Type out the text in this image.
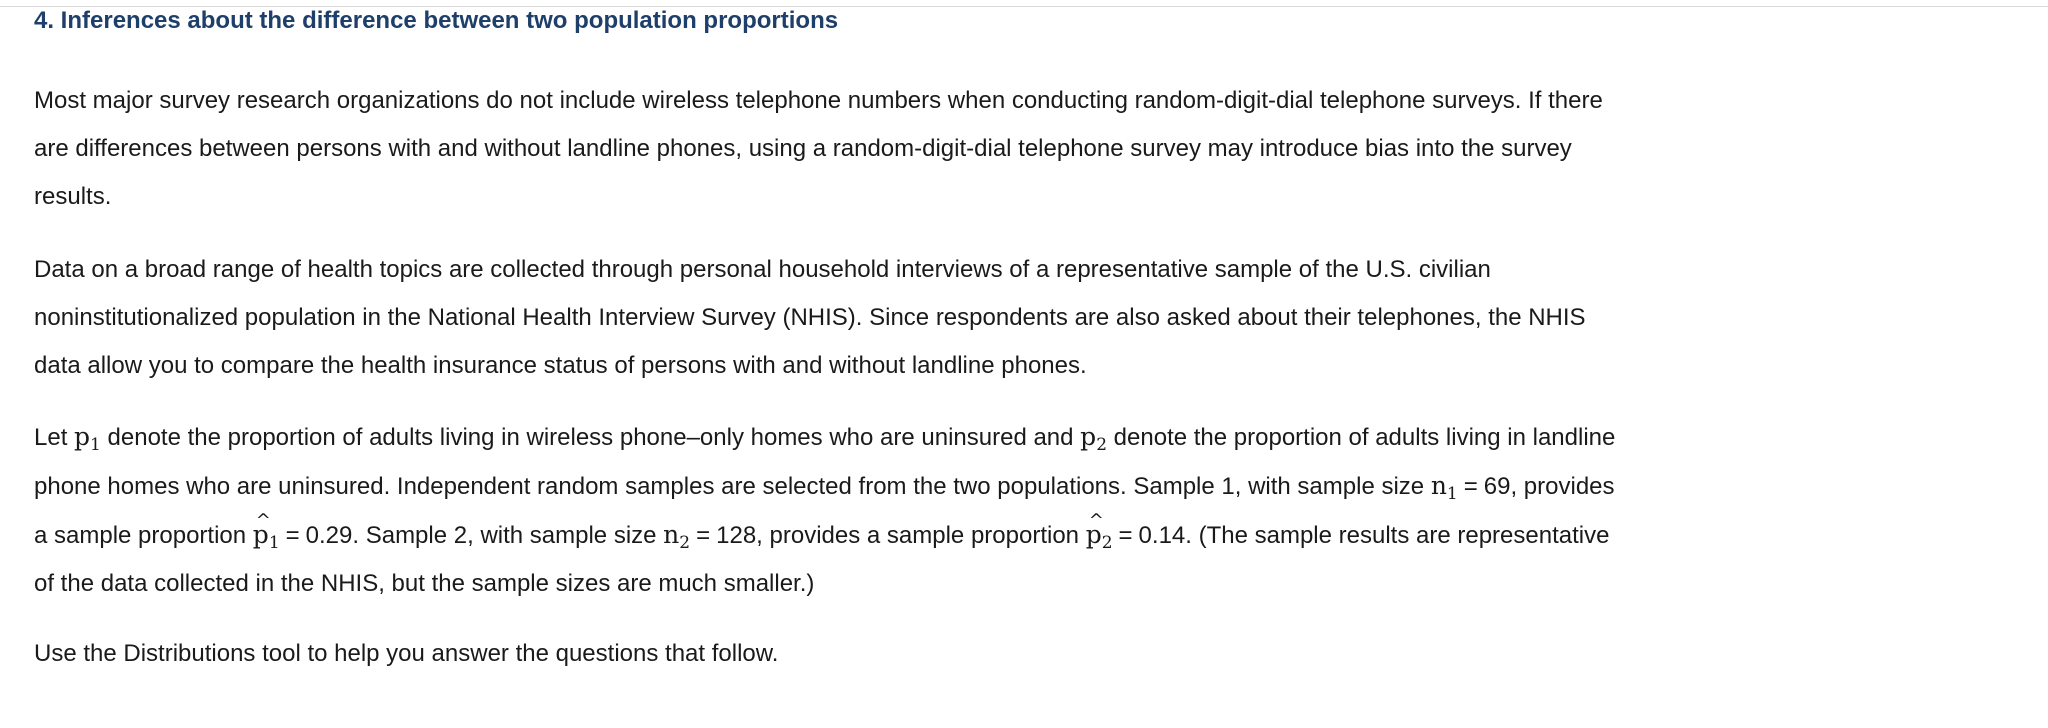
4. Inferences about the difference between two population proportions

Most major survey research organizations do not include wireless telephone numbers when conducting random-digit-dial telephone surveys. If there
are differences between persons with and without landline phones, using a random-digit-dial telephone survey may introduce bias into the survey
results.

Data on a broad range of health topics are collected through personal household interviews of a representative sample of the U.S. civilian
noninstitutionalized population in the National Health Interview Survey (NHIS). Since respondents are also asked about their telephones, the NHIS
data allow you to compare the health insurance status of persons with and without landline phones.

Let $p_1$ denote the proportion of adults living in wireless phone–only homes who are uninsured and $p_2$ denote the proportion of adults living in landline
phone homes who are uninsured. Independent random samples are selected from the two populations. Sample 1, with sample size $n_1 = 69$, provides
a sample proportion ^ $p_1 = 0.29$. Sample 2, with sample size $n_2 = 128$, provides a sample proportion ^ $p_2 = 0.14$. (The sample results are representative
of the data collected in the NHIS, but the sample sizes are much smaller.)

Use the Distributions tool to help you answer the questions that follow.
